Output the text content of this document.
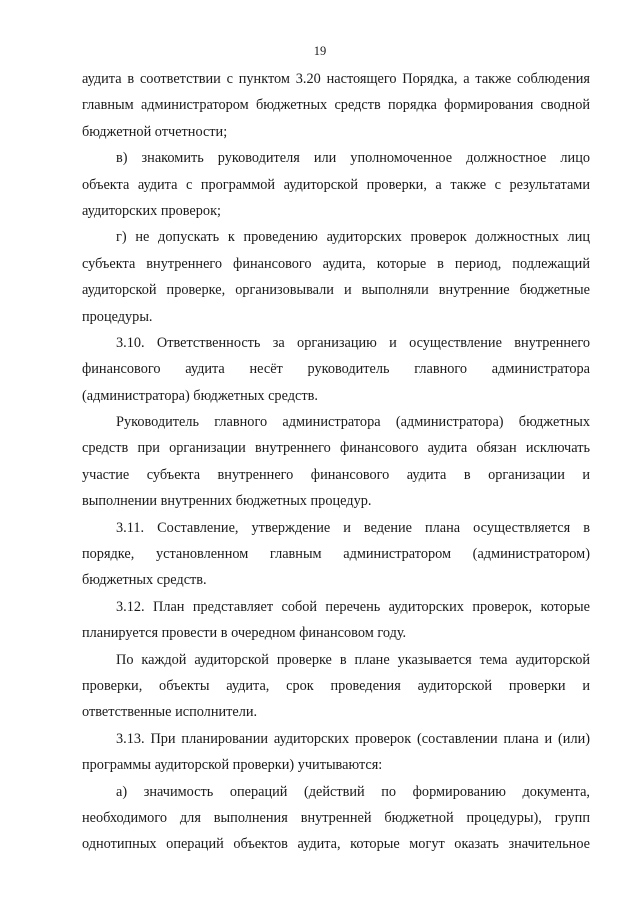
19
аудита в соответствии с пунктом 3.20 настоящего Порядка, а также соблюдения
главным администратором бюджетных средств порядка формирования сводной
бюджетной отчетности;
в) знакомить руководителя или уполномоченное должностное лицо
объекта аудита с программой аудиторской проверки, а также с результатами
аудиторских проверок;
г) не допускать к проведению аудиторских проверок должностных лиц
субъекта внутреннего финансового аудита, которые в период, подлежащий
аудиторской проверке, организовывали и выполняли внутренние бюджетные
процедуры.
3.10. Ответственность за организацию и осуществление внутреннего
финансового аудита несёт руководитель главного администратора
(администратора) бюджетных средств.
Руководитель главного администратора (администратора) бюджетных
средств при организации внутреннего финансового аудита обязан исключать
участие субъекта внутреннего финансового аудита в организации и
выполнении внутренних бюджетных процедур.
3.11. Составление, утверждение и ведение плана осуществляется в
порядке, установленном главным администратором (администратором)
бюджетных средств.
3.12. План представляет собой перечень аудиторских проверок, которые
планируется провести в очередном финансовом году.
По каждой аудиторской проверке в плане указывается тема аудиторской
проверки, объекты аудита, срок проведения аудиторской проверки и
ответственные исполнители.
3.13. При планировании аудиторских проверок (составлении плана и (или)
программы аудиторской проверки) учитываются:
а) значимость операций (действий по формированию документа,
необходимого для выполнения внутренней бюджетной процедуры), групп
однотипных операций объектов аудита, которые могут оказать значительное
